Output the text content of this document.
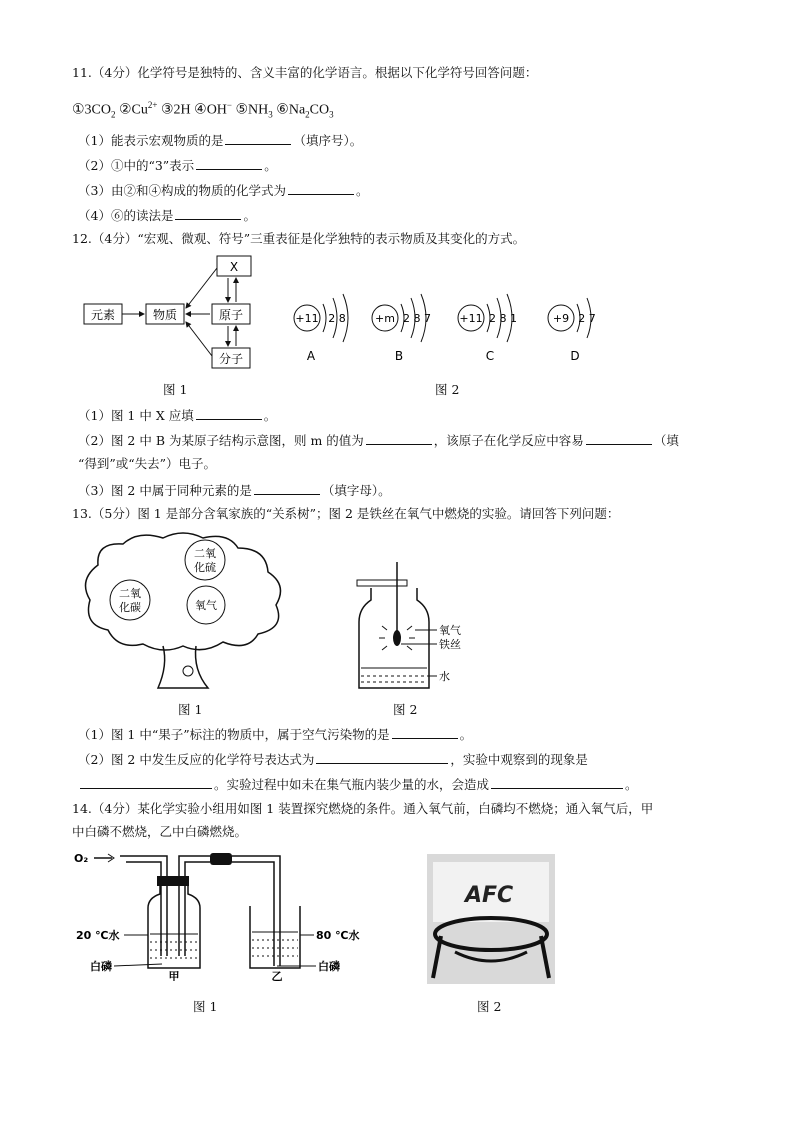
11.（4分）化学符号是独特的、含义丰富的化学语言。根据以下化学符号回答问题：
$①3CO_2$ $②Cu^{2+}$ ③2H ④OH− $⑤NH_3$ $⑥Na_2CO_3$
（1）能表示宏观物质的是	（填序号）。
（2）①中的“3”表示	。
（3）由②和④构成的物质的化学式为	。
（4）⑥的读法是	。
12.（4分）“宏观、微观、符号”三重表征是化学独特的表示物质及其变化的方式。
X
元素	物质	原子
分子
图 1
+11 2 8
A
+m 2 8 7
B
+11 2 8 1
C
+9 2 7
D
图 2
（1）图 1 中 X 应填	。
（2）图 2 中 B 为某原子结构示意图，则 m 的值为	，该原子在化学反应中容易	（填
“得到”或“失去”）电子。
（3）图 2 中属于同种元素的是	（填字母）。
13.（5分）图 1 是部分含氧家族的“关系树”；图 2 是铁丝在氧气中燃烧的实验。请回答下列问题：
二氧
化硫
二氧
化碳	氧气
图 1
氧气
铁丝
水
图 2
（1）图 1 中“果子”标注的物质中，属于空气污染物的是	。
（2）图 2 中发生反应的化学符号表达式为	，实验中观察到的现象是
。实验过程中如未在集气瓶内装少量的水，会造成	。
14.（4分）某化学实验小组用如图 1 装置探究燃烧的条件。通入氧气前，白磷均不燃烧；通入氧气后，甲
中白磷不燃烧，乙中白磷燃烧。
O₂
20 ℃水	80 ℃水
白磷	白磷
甲	乙
图 1
AFC
图 2
